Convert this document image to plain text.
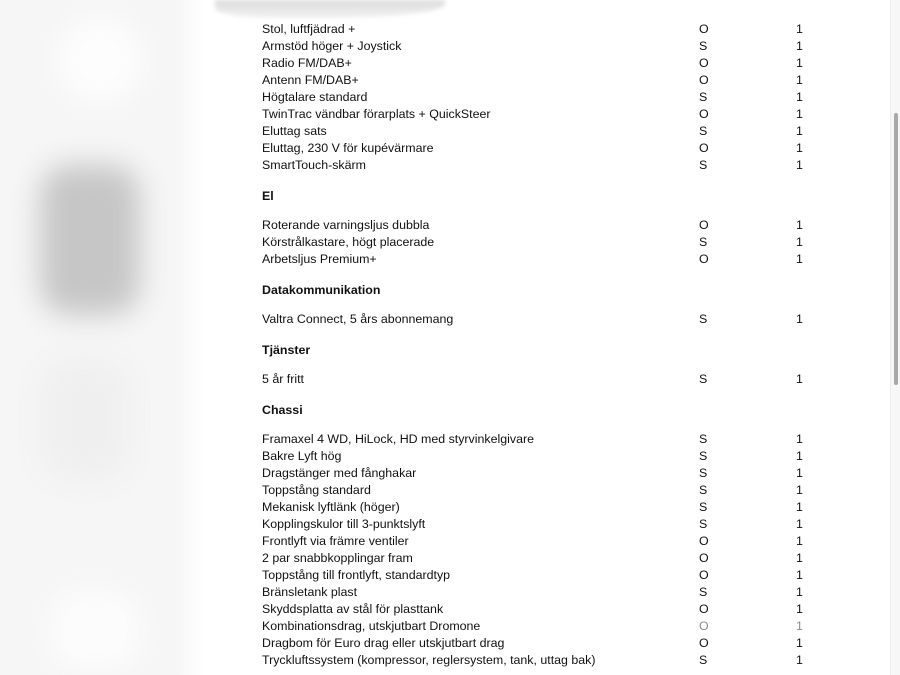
Stol, luftfjädrad +	O	1
Armstöd höger + Joystick	S	1
Radio FM/DAB+	O	1
Antenn FM/DAB+	O	1
Högtalare standard	S	1
TwinTrac vändbar förarplats + QuickSteer	O	1
Eluttag sats	S	1
Eluttag, 230 V för kupévärmare	O	1
SmartTouch-skärm	S	1
El
Roterande varningsljus dubbla	O	1
Körstrålkastare, högt placerade	S	1
Arbetsljus Premium+	O	1
Datakommunikation
Valtra Connect, 5 års abonnemang	S	1
Tjänster
5 år fritt	S	1
Chassi
Framaxel 4 WD, HiLock, HD med styrvinkelgivare	S	1
Bakre Lyft hög	S	1
Dragstänger med fånghakar	S	1
Toppstång standard	S	1
Mekanisk lyftlänk (höger)	S	1
Kopplingskulor till 3-punktslyft	S	1
Frontlyft via främre ventiler	O	1
2 par snabbkopplingar fram	O	1
Toppstång till frontlyft, standardtyp	O	1
Bränsletank plast	S	1
Skyddsplatta av stål för plasttank	O	1
Kombinationsdrag, utskjutbart Dromone	O	1
Dragbom för Euro drag eller utskjutbart drag	O	1
Tryckluftssystem (kompressor, reglersystem, tank, uttag bak)	S	1
